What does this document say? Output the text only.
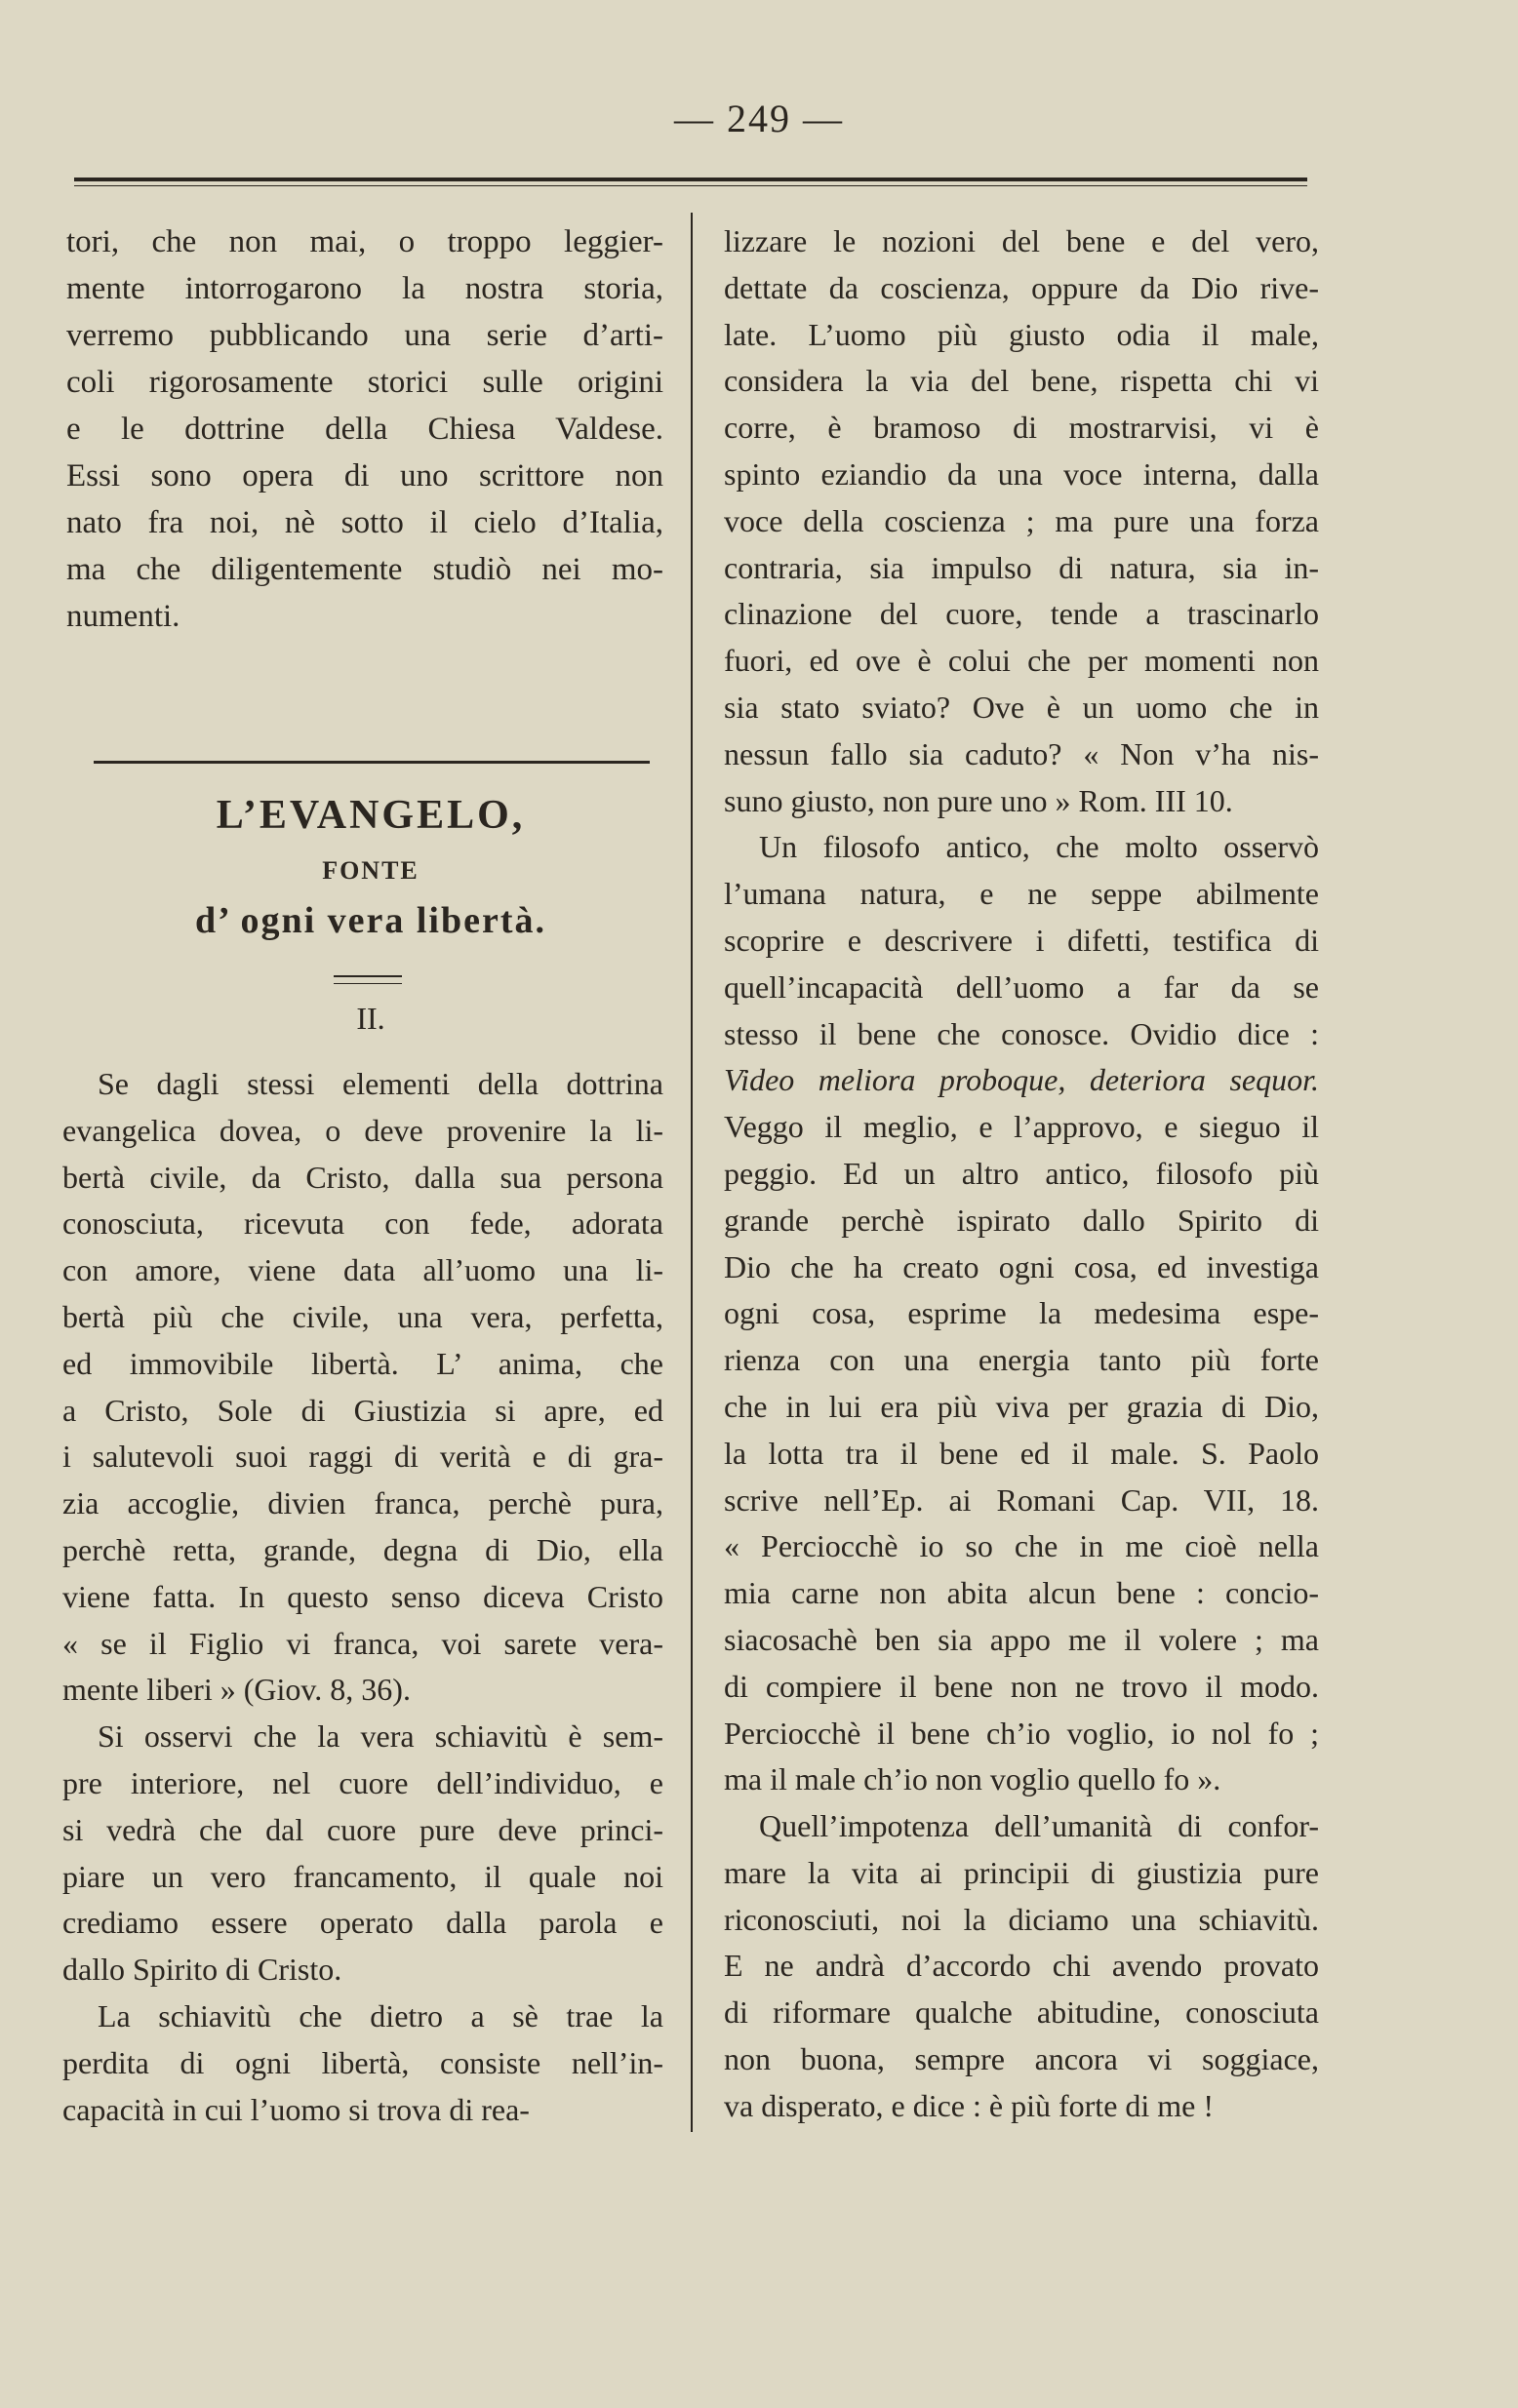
— 249 —

tori, che non mai, o troppo leggier-

mente intorrogarono la nostra storia,

verremo pubblicando una serie d’arti-

coli rigorosamente storici sulle origini

e le dottrine della Chiesa Valdese.

Essi sono opera di uno scrittore non

nato fra noi, nè sotto il cielo d’Italia,

ma che diligentemente studiò nei mo-

numenti.

L’EVANGELO,
FONTE
d’ ogni vera libertà.
II.

Se dagli stessi elementi della dottrina

evangelica dovea, o deve provenire la li-

bertà civile, da Cristo, dalla sua persona

conosciuta, ricevuta con fede, adorata

con amore, viene data all’uomo una li-

bertà più che civile, una vera, perfetta,

ed immovibile libertà. L’ anima, che

a Cristo, Sole di Giustizia si apre, ed

i salutevoli suoi raggi di verità e di gra-

zia accoglie, divien franca, perchè pura,

perchè retta, grande, degna di Dio, ella

viene fatta. In questo senso diceva Cristo

« se il Figlio vi franca, voi sarete vera-

mente liberi » (Giov. 8, 36).

Si osservi che la vera schiavitù è sem-

pre interiore, nel cuore dell’individuo, e

si vedrà che dal cuore pure deve princi-

piare un vero francamento, il quale noi

crediamo essere operato dalla parola e

dallo Spirito di Cristo.

La schiavitù che dietro a sè trae la

perdita di ogni libertà, consiste nell’in-

capacità in cui l’uomo si trova di rea-

lizzare le nozioni del bene e del vero,

dettate da coscienza, oppure da Dio rive-

late. L’uomo più giusto odia il male,

considera la via del bene, rispetta chi vi

corre, è bramoso di mostrarvisi, vi è

spinto eziandio da una voce interna, dalla

voce della coscienza ; ma pure una forza

contraria, sia impulso di natura, sia in-

clinazione del cuore, tende a trascinarlo

fuori, ed ove è colui che per momenti non

sia stato sviato? Ove è un uomo che in

nessun fallo sia caduto? « Non v’ha nis-

suno giusto, non pure uno » Rom. III 10.

Un filosofo antico, che molto osservò

l’umana natura, e ne seppe abilmente

scoprire e descrivere i difetti, testifica di

quell’incapacità dell’uomo a far da se

stesso il bene che conosce. Ovidio dice :

Video meliora proboque, deteriora sequor.

Veggo il meglio, e l’approvo, e sieguo il

peggio. Ed un altro antico, filosofo più

grande perchè ispirato dallo Spirito di

Dio che ha creato ogni cosa, ed investiga

ogni cosa, esprime la medesima espe-

rienza con una energia tanto più forte

che in lui era più viva per grazia di Dio,

la lotta tra il bene ed il male. S. Paolo

scrive nell’Ep. ai Romani Cap. VII, 18.

« Perciocchè io so che in me cioè nella

mia carne non abita alcun bene : concio-

siacosachè ben sia appo me il volere ; ma

di compiere il bene non ne trovo il modo.

Perciocchè il bene ch’io voglio, io nol fo ;

ma il male ch’io non voglio quello fo ».

Quell’impotenza dell’umanità di confor-

mare la vita ai principii di giustizia pure

riconosciuti, noi la diciamo una schiavitù.

E ne andrà d’accordo chi avendo provato

di riformare qualche abitudine, conosciuta

non buona, sempre ancora vi soggiace,

va disperato, e dice : è più forte di me !
